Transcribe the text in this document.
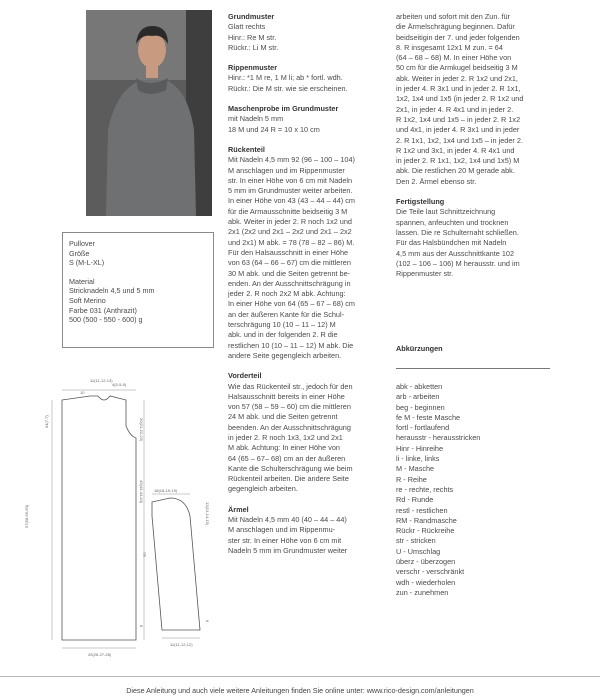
Pullover

Größe

S (M-L-XL)

Material

Stricknadeln 4,5 und 5 mm

Soft Merino

Farbe 031 (Anthrazit)

500 (500 - 550 - 600) g

11(11-12-13)
10
4(5-5-5)
25(26-27-28)
57(58-59-60)
64(7-7)	20(21-22-23)
43(43-44-44)
6
18(18-19-19)
11(11-12-12)
50
13(13-14-15)
6

Grundmuster

Glatt rechts

Hinr.: Re M str.

Rückr.: Li M str.

Rippenmuster

Hinr.: *1 M re, 1 M li; ab * fortl. wdh.

Rückr.: Die M str. wie sie erscheinen.

Maschenprobe im Grundmuster

mit Nadeln 5 mm

18 M und 24 R = 10 x 10 cm

Rückenteil

Mit Nadeln 4,5 mm 92 (96 – 100 – 104)

M anschlagen und im Rippenmuster

str. In einer Höhe von 6 cm mit Nadeln

5 mm im Grundmuster weiter arbeiten.

In einer Höhe von 43 (43 – 44 – 44) cm

für die Armausschnitte beidseitig 3 M

abk. Weiter in jeder 2. R noch 1x2 und

2x1 (2x2 und 2x1 – 2x2 und 2x1 – 2x2

und 2x1) M abk. = 78 (78 – 82 – 86) M.

Für den Halsausschnitt in einer Höhe

von 63 (64 – 66 – 67) cm die mittleren

30 M abk. und die Seiten getrennt be-

enden. An der Ausschnittschrägung in

jeder 2. R noch 2x2 M abk. Achtung:

In einer Höhe von 64 (65 – 67 – 68) cm

an der äußeren Kante für die Schul-

terschrägung 10 (10 – 11 – 12) M

abk. und in der folgenden 2. R die

restlichen 10 (10 – 11 – 12) M abk. Die

andere Seite gegengleich arbeiten.

Vorderteil

Wie das Rückenteil str., jedoch für den

Halsausschnitt bereits in einer Höhe

von 57 (58 – 59 – 60) cm die mittleren

24 M abk. und die Seiten getrennt

beenden. An der Ausschnittschrägung

in jeder 2. R noch 1x3, 1x2 und 2x1

M abk. Achtung: In einer Höhe von

64 (65 – 67– 68) cm an der äußeren

Kante die Schulterschrägung wie beim

Rückenteil arbeiten. Die andere Seite

gegengleich arbeiten.

Ärmel

Mit Nadeln 4,5 mm 40 (40 – 44 – 44)

M anschlagen und im Rippenmu-

ster str. In einer Höhe von 6 cm mit

Nadeln 5 mm im Grundmuster weiter

arbeiten und sofort mit den Zun. für

die Ärmelschrägung beginnen. Dafür

beidseitigin der 7. und jeder folgenden

8. R insgesamt 12x1 M zun. = 64

(64 – 68 – 68) M. In einer Höhe von

50 cm für die Armkugel beidseitig 3 M

abk. Weiter in jeder 2. R 1x2 und 2x1,

in jeder 4. R 3x1 und in jeder 2. R 1x1,

1x2, 1x4 und 1x5 (in jeder 2. R 1x2 und

2x1, in jeder 4. R 4x1 und in jeder 2.

R 1x2, 1x4 und 1x5 – in jeder 2. R 1x2

und 4x1, in jeder 4. R 3x1 und in jeder

2. R 1x1, 1x2, 1x4 und 1x5 – in jeder 2.

R 1x2 und 3x1, in jeder 4. R 4x1 und

in jeder 2. R 1x1, 1x2, 1x4 und 1x5) M

abk. Die restlichen 20 M gerade abk.

Den 2. Ärmel ebenso str.

Fertigstellung

Die Teile laut Schnittzeichnung

spannen, anfeuchten und trocknen

lassen. Die re Schulternaht schließen.

Für das Halsbündchen mit Nadeln

4,5 mm aus der Ausschnittkante 102

(102 – 106 – 106) M herausstr. und im

Rippenmuster str.

Abkürzungen

abk - abketten
arb - arbeiten
beg - beginnen
fe M - feste Masche
fortl - fortlaufend
herausstr - herausstricken
Hinr - Hinreihe
li - linke, links
M - Masche
R - Reihe
re - rechte, rechts
Rd - Runde
restl - restlichen
RM - Randmasche
Rückr - Rückreihe
str - stricken
U - Umschlag
überz - überzogen
verschr - verschränkt
wdh - wiederholen
zun - zunehmen
Diese Anleitung und auch viele weitere Anleitungen finden Sie online unter: www.rico-design.com/anleitungen
